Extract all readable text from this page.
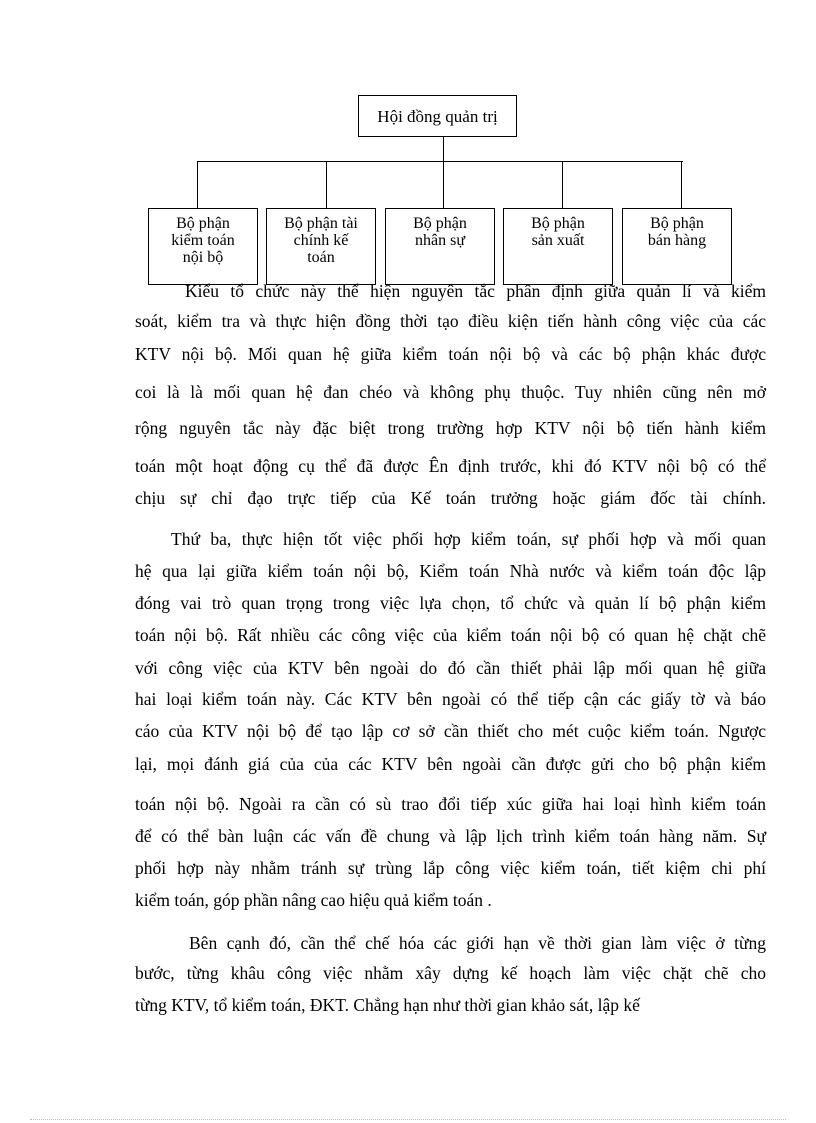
Hội đồng quản trị
Bộ phận
kiểm toán
nội bộ
Bộ phận tài
chính kế
toán
Bộ phận
nhân sự
Bộ phận
sản xuất
Bộ phận
bán hàng
Kiểu tổ chức này thể hiện nguyên tắc phân định giữa quản lí và kiểm
soát, kiểm tra và thực hiện đồng thời tạo điều kiện tiến hành công việc của các
KTV nội bộ. Mối quan hệ giữa kiểm toán nội bộ và các bộ phận khác được
coi là là mối quan hệ đan chéo và không phụ thuộc. Tuy nhiên cũng nên mở
rộng nguyên tắc này đặc biệt trong trường hợp KTV nội bộ tiến hành kiểm
toán một hoạt động cụ thể đã được Ên định trước, khi đó KTV nội bộ có thể
chịu sự chỉ đạo trực tiếp của Kế toán trưởng hoặc giám đốc tài chính.
Thứ ba, thực hiện tốt việc phối hợp kiểm toán, sự phối hợp và mối quan
hệ qua lại giữa kiểm toán nội bộ, Kiểm toán Nhà nước và kiểm toán độc lập
đóng vai trò quan trọng trong việc lựa chọn, tổ chức và quản lí bộ phận kiểm
toán nội bộ. Rất nhiều các công việc của kiểm toán nội bộ có quan hệ chặt chẽ
với công việc của KTV bên ngoài do đó cần thiết phải lập mối quan hệ giữa
hai loại kiểm toán này. Các KTV bên ngoài có thể tiếp cận các giấy tờ và báo
cáo của KTV nội bộ để tạo lập cơ sở cần thiết cho mét cuộc kiểm toán. Ngược
lại, mọi đánh giá của của các KTV bên ngoài cần được gửi cho bộ phận kiểm
toán nội bộ. Ngoài ra cần có sù trao đổi tiếp xúc giữa hai loại hình kiểm toán
để có thể bàn luận các vấn đề chung và lập lịch trình kiểm toán hàng năm. Sự
phối hợp này nhằm tránh sự trùng lắp công việc kiểm toán, tiết kiệm chi phí
kiểm toán, góp phần nâng cao hiệu quả kiểm toán .
Bên cạnh đó, cần thể chế hóa các giới hạn về thời gian làm việc ở từng
bước, từng khâu công việc nhằm xây dựng kế hoạch làm việc chặt chẽ cho
từng KTV, tổ kiểm toán, ĐKT. Chẳng hạn như thời gian khảo sát, lập kế
